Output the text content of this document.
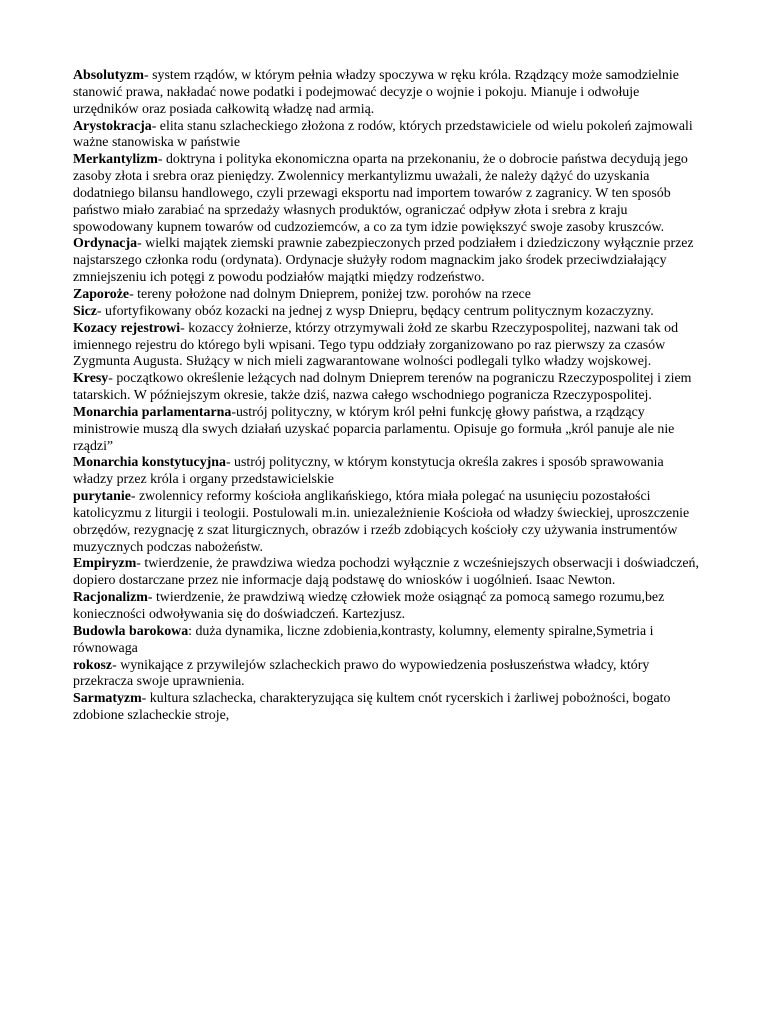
Absolutyzm- system rządów, w którym pełnia władzy spoczywa w ręku króla. Rządzący może samodzielnie stanowić prawa, nakładać nowe podatki i podejmować decyzje o wojnie i pokoju. Mianuje i odwołuje urzędników oraz posiada całkowitą władzę nad armią.

Arystokracja- elita stanu szlacheckiego złożona z rodów, których przedstawiciele od wielu pokoleń zajmowali ważne stanowiska w państwie

Merkantylizm- doktryna i polityka ekonomiczna oparta na przekonaniu, że o dobrocie państwa decydują jego zasoby złota i srebra oraz pieniędzy. Zwolennicy merkantylizmu uważali, że należy dążyć do uzyskania dodatniego bilansu handlowego, czyli przewagi eksportu nad importem towarów z zagranicy. W ten sposób państwo miało zarabiać na sprzedaży własnych produktów, ograniczać odpływ złota i srebra z kraju spowodowany kupnem towarów od cudzoziemców, a co za tym idzie powiększyć swoje zasoby kruszców.

Ordynacja- wielki majątek ziemski prawnie zabezpieczonych przed podziałem i dziedziczony wyłącznie przez najstarszego członka rodu (ordynata). Ordynacje służyły rodom magnackim jako środek przeciwdziałający zmniejszeniu ich potęgi z powodu podziałów majątki między rodzeństwo.

Zaporoże- tereny położone nad dolnym Dnieprem, poniżej tzw. porohów na rzece

Sicz- ufortyfikowany obóz kozacki na jednej z wysp Dniepru, będący centrum politycznym kozaczyzny.

Kozacy rejestrowi- kozaccy żołnierze, którzy otrzymywali żołd ze skarbu Rzeczypospolitej, nazwani tak od imiennego rejestru do którego byli wpisani. Tego typu oddziały zorganizowano po raz pierwszy za czasów Zygmunta Augusta. Służący w nich mieli zagwarantowane wolności podlegali tylko władzy wojskowej.

Kresy- początkowo określenie leżących nad dolnym Dnieprem terenów na pograniczu Rzeczypospolitej i ziem tatarskich. W późniejszym okresie, także dziś, nazwa całego wschodniego pogranicza Rzeczypospolitej.

Monarchia parlamentarna-ustrój polityczny, w którym król pełni funkcję głowy państwa, a rządzący ministrowie muszą dla swych działań uzyskać poparcia parlamentu. Opisuje go formuła „król panuje ale nie rządzi”

Monarchia konstytucyjna- ustrój polityczny, w którym konstytucja określa zakres i sposób sprawowania władzy przez króla i organy przedstawicielskie

purytanie- zwolennicy reformy kościoła anglikańskiego, która miała polegać na usunięciu pozostałości katolicyzmu z liturgii i teologii. Postulowali m.in. uniezależnienie Kościoła od władzy świeckiej, uproszczenie obrzędów, rezygnację z szat liturgicznych, obrazów i rzeźb zdobiących kościoły czy używania instrumentów muzycznych podczas nabożeństw.

Empiryzm- twierdzenie, że prawdziwa wiedza pochodzi wyłącznie z wcześniejszych obserwacji i doświadczeń, dopiero dostarczane przez nie informacje dają podstawę do wniosków i uogólnień. Isaac Newton.

Racjonalizm- twierdzenie, że prawdziwą wiedzę człowiek może osiągnąć za pomocą samego rozumu,bez konieczności odwoływania się do doświadczeń. Kartezjusz.

Budowla barokowa: duża dynamika, liczne zdobienia,kontrasty, kolumny, elementy spiralne,Symetria i równowaga

rokosz- wynikające z przywilejów szlacheckich prawo do wypowiedzenia posłuszeństwa władcy, który przekracza swoje uprawnienia.

Sarmatyzm- kultura szlachecka, charakteryzująca się kultem cnót rycerskich i żarliwej pobożności, bogato zdobione szlacheckie stroje,
